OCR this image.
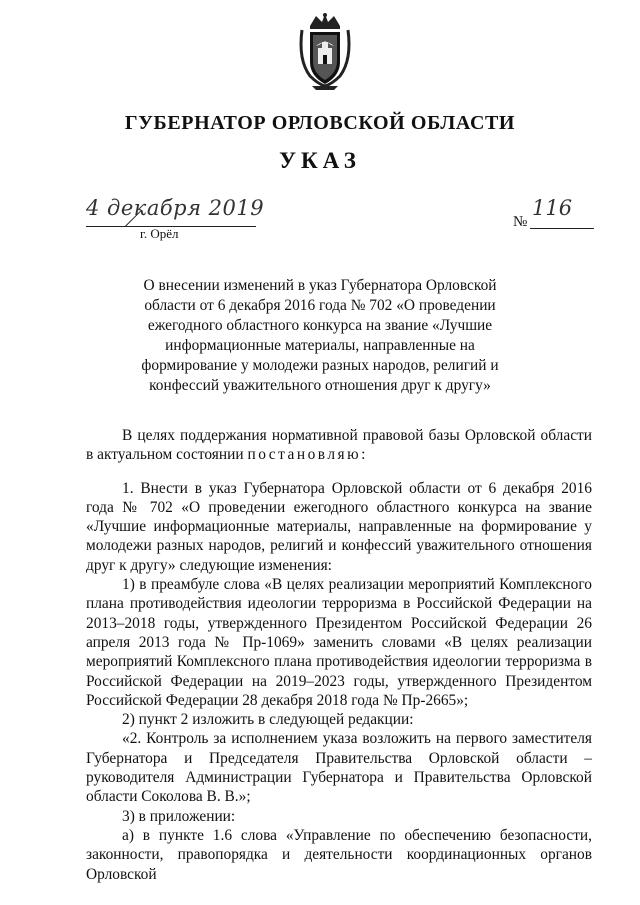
ГУБЕРНАТОР ОРЛОВСКОЙ ОБЛАСТИ
УКАЗ
4 декабря 2019
г. Орёл
№
116
О внесении изменений в указ Губернатора Орловской области от 6 декабря 2016 года № 702 «О проведении ежегодного областного конкурса на звание «Лучшие информационные материалы, направленные на формирование у молодежи разных народов, религий и конфессий уважительного отношения друг к другу»

В целях поддержания нормативной правовой базы Орловской области в актуальном состоянии постановляю:

1. Внести в указ Губернатора Орловской области от 6 декабря 2016 года № 702 «О проведении ежегодного областного конкурса на звание «Лучшие информационные материалы, направленные на формирование у молодежи разных народов, религий и конфессий уважительного отношения друг к другу» следующие изменения:

1) в преамбуле слова «В целях реализации мероприятий Комплексного плана противодействия идеологии терроризма в Российской Федерации на 2013–2018 годы, утвержденного Президентом Российской Федерации 26 апреля 2013 года № Пр-1069» заменить словами «В целях реализации мероприятий Комплексного плана противодействия идеологии терроризма в Российской Федерации на 2019–2023 годы, утвержденного Президентом Российской Федерации 28 декабря 2018 года № Пр-2665»;

2) пункт 2 изложить в следующей редакции:

«2. Контроль за исполнением указа возложить на первого заместителя Губернатора и Председателя Правительства Орловской области – руководителя Администрации Губернатора и Правительства Орловской области Соколова В. В.»;

3) в приложении:

а) в пункте 1.6 слова «Управление по обеспечению безопасности, законности, правопорядка и деятельности координационных органов Орловской
